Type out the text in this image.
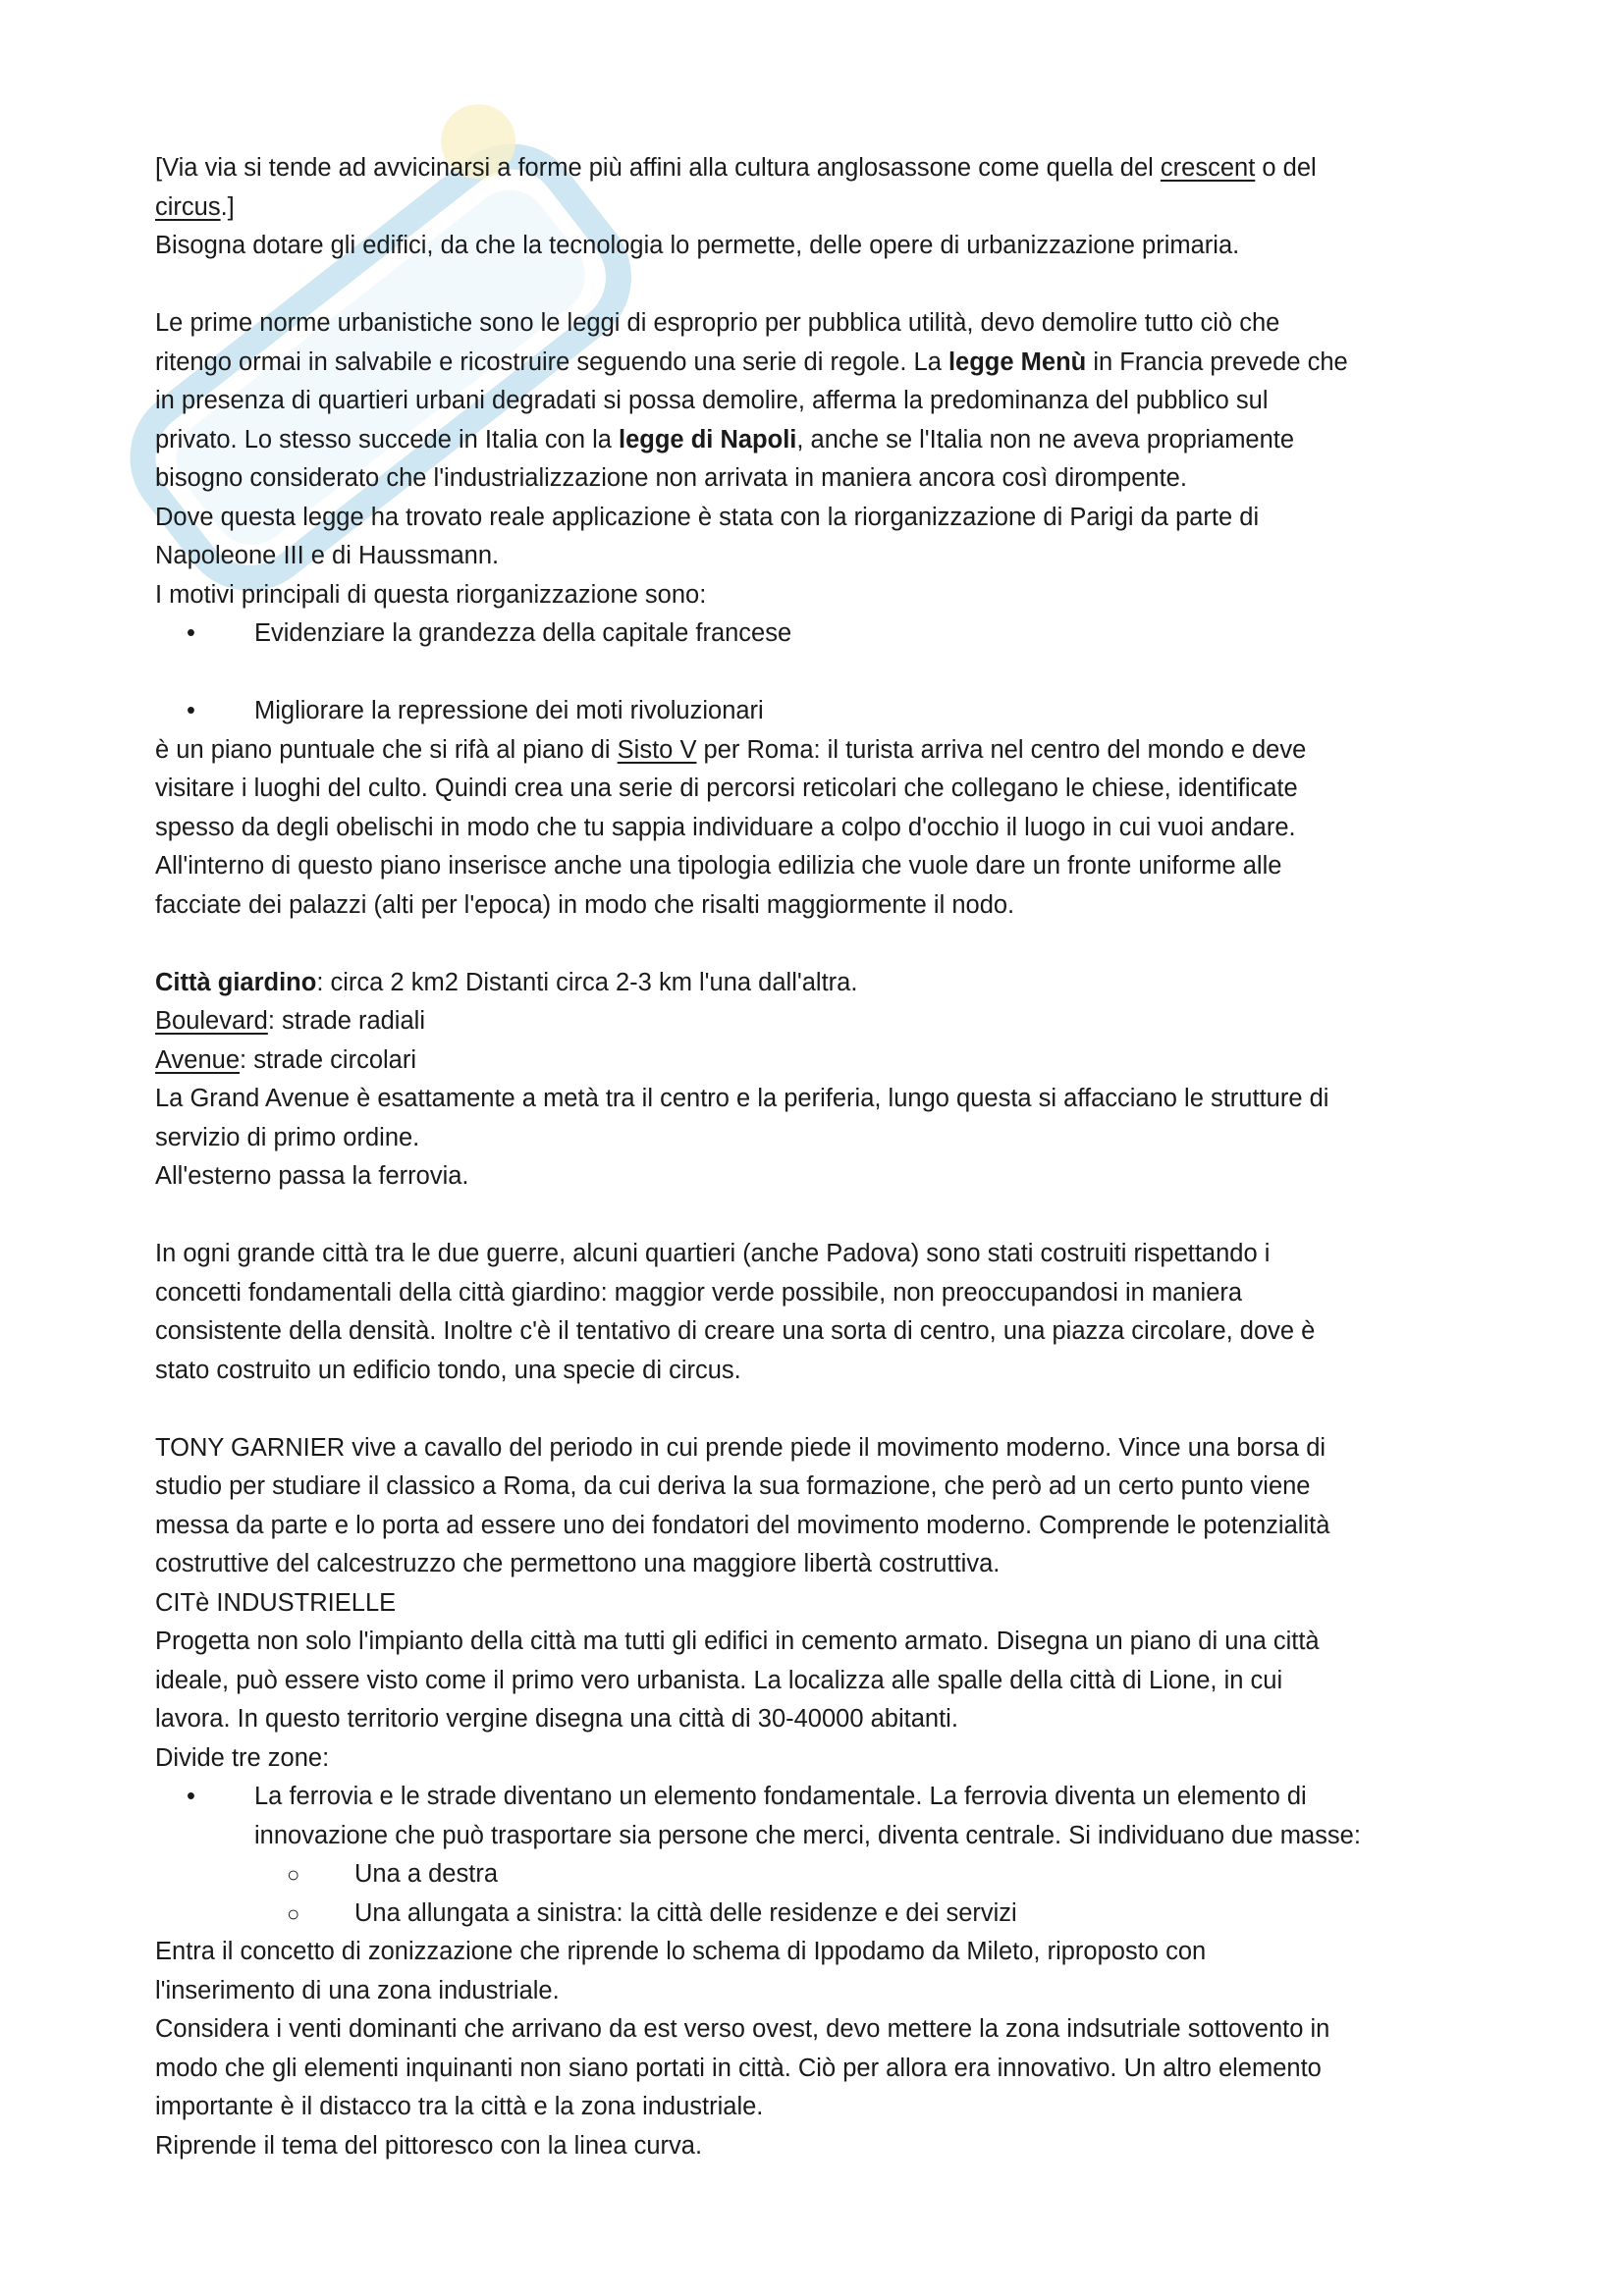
[Via via si tende ad avvicinarsi a forme più affini alla cultura anglosassone come quella del crescent o del
circus.]
Bisogna dotare gli edifici, da che la tecnologia lo permette, delle opere di urbanizzazione primaria.
Le prime norme urbanistiche sono le leggi di esproprio per pubblica utilità, devo demolire tutto ciò che
ritengo ormai in salvabile e ricostruire seguendo una serie di regole. La legge Menù in Francia prevede che
in presenza di quartieri urbani degradati si possa demolire, afferma la predominanza del pubblico sul
privato. Lo stesso succede in Italia con la legge di Napoli, anche se l'Italia non ne aveva propriamente
bisogno considerato che l'industrializzazione non arrivata in maniera ancora così dirompente.
Dove questa legge ha trovato reale applicazione è stata con la riorganizzazione di Parigi da parte di
Napoleone III e di Haussmann.
I motivi principali di questa riorganizzazione sono:
• Evidenziare la grandezza della capitale francese
• Migliorare la repressione dei moti rivoluzionari
è un piano puntuale che si rifà al piano di Sisto V per Roma: il turista arriva nel centro del mondo e deve
visitare i luoghi del culto. Quindi crea una serie di percorsi reticolari che collegano le chiese, identificate
spesso da degli obelischi in modo che tu sappia individuare a colpo d'occhio il luogo in cui vuoi andare.
All'interno di questo piano inserisce anche una tipologia edilizia che vuole dare un fronte uniforme alle
facciate dei palazzi (alti per l'epoca) in modo che risalti maggiormente il nodo.
Città giardino: circa 2 km2 Distanti circa 2-3 km l'una dall'altra.
Boulevard: strade radiali
Avenue: strade circolari
La Grand Avenue è esattamente a metà tra il centro e la periferia, lungo questa si affacciano le strutture di
servizio di primo ordine.
All'esterno passa la ferrovia.
In ogni grande città tra le due guerre, alcuni quartieri (anche Padova) sono stati costruiti rispettando i
concetti fondamentali della città giardino: maggior verde possibile, non preoccupandosi in maniera
consistente della densità. Inoltre c'è il tentativo di creare una sorta di centro, una piazza circolare, dove è
stato costruito un edificio tondo, una specie di circus.
TONY GARNIER vive a cavallo del periodo in cui prende piede il movimento moderno. Vince una borsa di
studio per studiare il classico a Roma, da cui deriva la sua formazione, che però ad un certo punto viene
messa da parte e lo porta ad essere uno dei fondatori del movimento moderno. Comprende le potenzialità
costruttive del calcestruzzo che permettono una maggiore libertà costruttiva.
CITè INDUSTRIELLE
Progetta non solo l'impianto della città ma tutti gli edifici in cemento armato. Disegna un piano di una città
ideale, può essere visto come il primo vero urbanista. La localizza alle spalle della città di Lione, in cui
lavora. In questo territorio vergine disegna una città di 30-40000 abitanti.
Divide tre zone:
• La ferrovia e le strade diventano un elemento fondamentale. La ferrovia diventa un elemento di
innovazione che può trasportare sia persone che merci, diventa centrale. Si individuano due masse:
○ Una a destra
○ Una allungata a sinistra: la città delle residenze e dei servizi
Entra il concetto di zonizzazione che riprende lo schema di Ippodamo da Mileto, riproposto con
l'inserimento di una zona industriale.
Considera i venti dominanti che arrivano da est verso ovest, devo mettere la zona indsutriale sottovento in
modo che gli elementi inquinanti non siano portati in città. Ciò per allora era innovativo. Un altro elemento
importante è il distacco tra la città e la zona industriale.
Riprende il tema del pittoresco con la linea curva.
